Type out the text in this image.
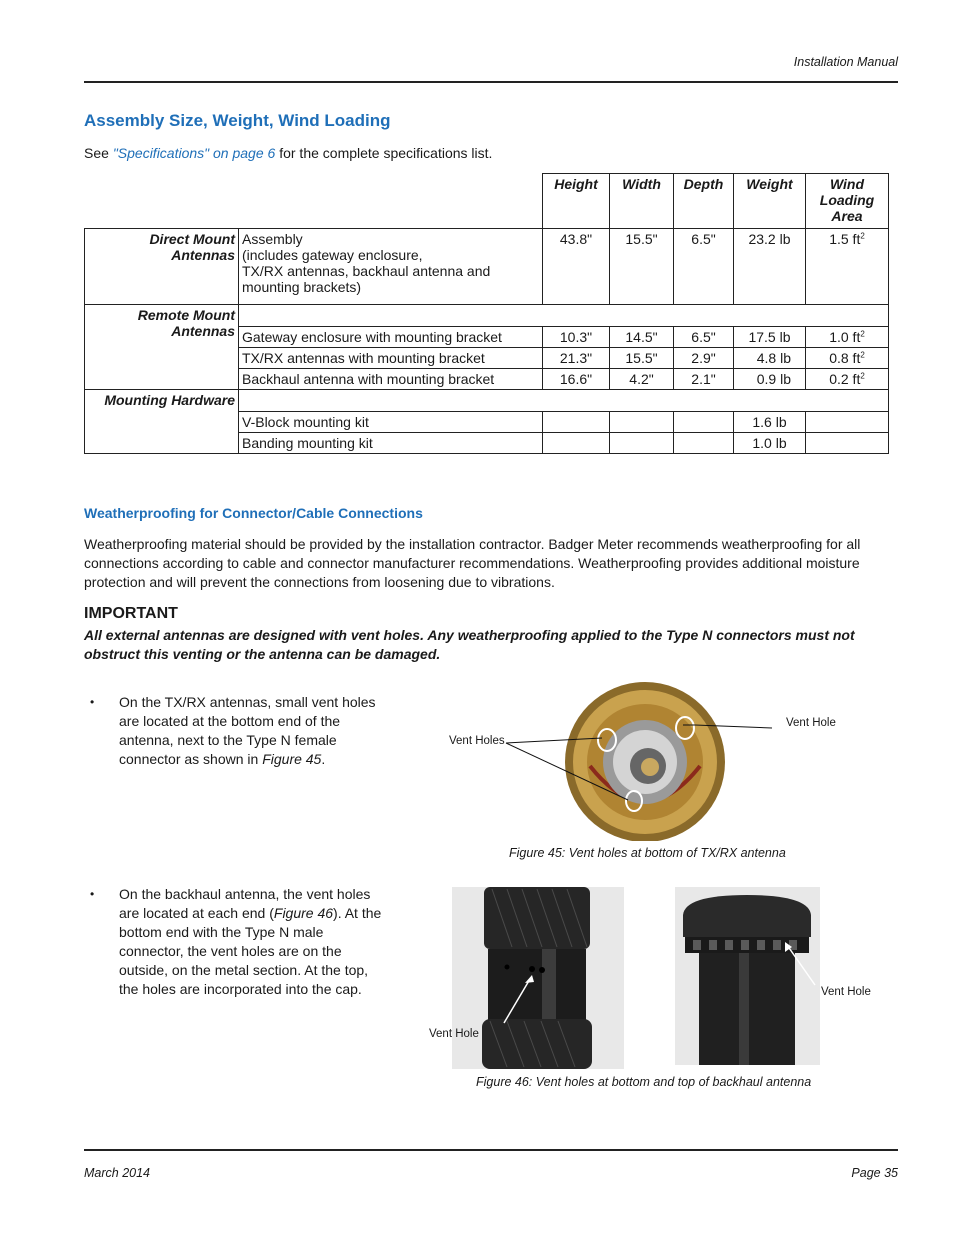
Installation Manual
Assembly Size, Weight, Wind Loading
See "Specifications" on page 6 for the complete specifications list.
		Height	Width	Depth	Weight	Wind Loading Area
Direct Mount Antennas	Assembly
(includes gateway enclosure,
TX/RX antennas, backhaul antenna and
mounting brackets)	43.8"	15.5"	6.5"	23.2 lb	1.5 $ft^2$
Remote Mount Antennas						
	Gateway enclosure with mounting bracket	10.3"	14.5"	6.5"	17.5 lb	1.0 $ft^2$
	TX/RX antennas with mounting bracket	21.3"	15.5"	2.9"	4.8 lb	0.8 $ft^2$
	Backhaul antenna with mounting bracket	16.6"	4.2"	2.1"	0.9 lb	0.2 $ft^2$
Mounting Hardware						
	V-Block mounting kit				1.6 lb	
	Banding mounting kit				1.0 lb	
Weatherproofing for Connector/Cable Connections
Weatherproofing material should be provided by the installation contractor. Badger Meter recommends weatherproofing for all connections according to cable and connector manufacturer recommendations. Weatherproofing provides additional moisture protection and will prevent the connections from loosening due to vibrations.
IMPORTANT
All external antennas are designed with vent holes. Any weatherproofing applied to the Type N connectors must not obstruct this venting or the antenna can be damaged.
• On the TX/RX antennas, small vent holes are located at the bottom end of the antenna, next to the Type N female connector as shown in Figure 45.
Vent Holes
Vent Hole
Figure 45: Vent holes at bottom of TX/RX antenna
• On the backhaul antenna, the vent holes are located at each end (Figure 46). At the bottom end with the Type N male connector, the vent holes are on the outside, on the metal section. At the top, the holes are incorporated into the cap.
Vent Hole
Vent Hole
Figure 46: Vent holes at bottom and top of backhaul antenna
March 2014	Page 35
